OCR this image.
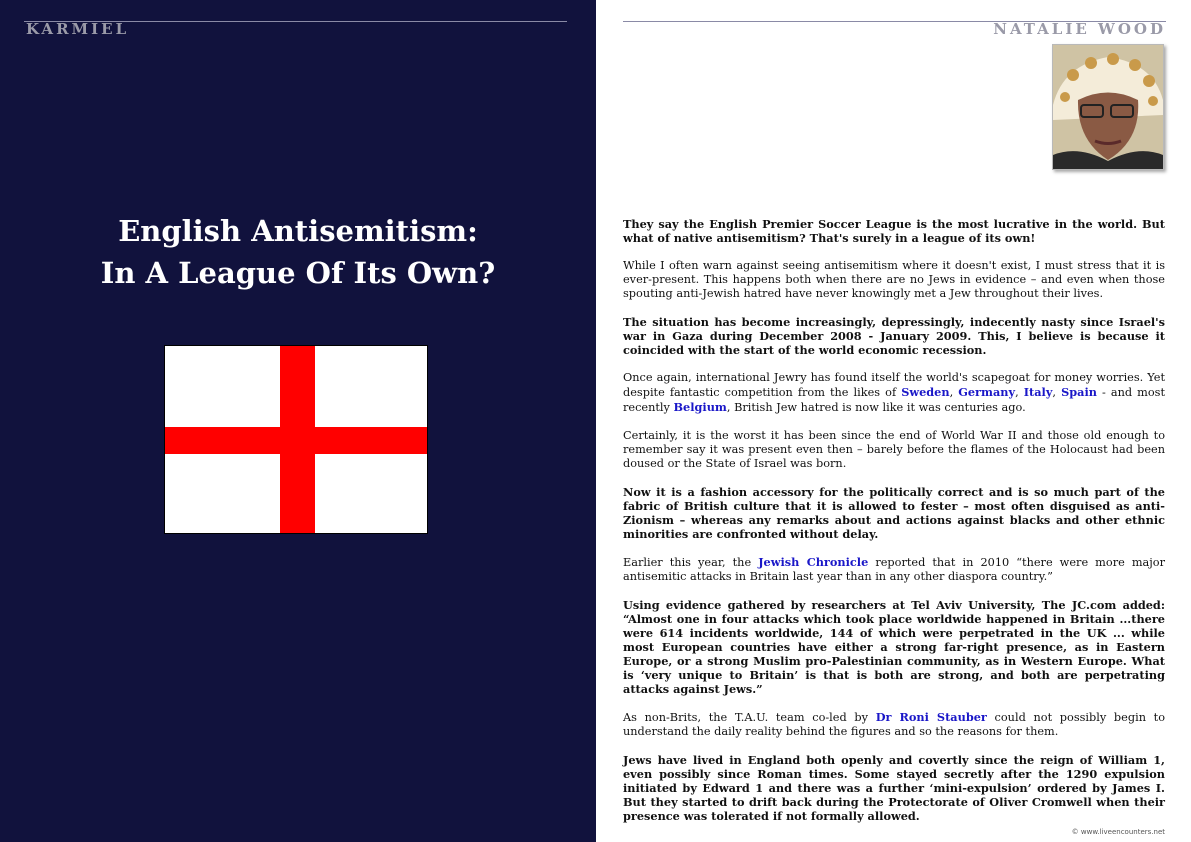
KARMIEL
English Antisemitism:
In A League Of Its Own?
NATALIE WOOD

They say the English Premier Soccer League is the most lucrative in the world. But what of native antisemitism? That's surely in a league of its own!

While I often warn against seeing antisemitism where it doesn't exist, I must stress that it is ever-present. This happens both when there are no Jews in evidence – and even when those spouting anti-Jewish hatred have never knowingly met a Jew throughout their lives.

The situation has become increasingly, depressingly, indecently nasty since Israel's war in Gaza during December 2008 - January 2009. This, I believe is because it coincided with the start of the world economic recession.

Once again, international Jewry has found itself the world's scapegoat for money worries. Yet despite fantastic competition from the likes of Sweden, Germany, Italy, Spain - and most recently Belgium, British Jew hatred is now like it was centuries ago.

Certainly, it is the worst it has been since the end of World War II and those old enough to remember say it was present even then – barely before the flames of the Holocaust had been doused or the State of Israel was born.

Now it is a fashion accessory for the politically correct and is so much part of the fabric of British culture that it is allowed to fester – most often disguised as anti-Zionism – whereas any remarks about and actions against blacks and other ethnic minorities are confronted without delay.

Earlier this year, the Jewish Chronicle reported that in 2010 “there were more major antisemitic attacks in Britain last year than in any other diaspora country.”

Using evidence gathered by researchers at Tel Aviv University, The JC.com added: “Almost one in four attacks which took place worldwide happened in Britain ...there were 614 incidents worldwide, 144 of which were perpetrated in the UK ... while most European countries have either a strong far-right presence, as in Eastern Europe, or a strong Muslim pro-Palestinian community, as in Western Europe. What is ‘very unique to Britain’ is that is both are strong, and both are perpetrating attacks against Jews.”

As non-Brits, the T.A.U. team co-led by Dr Roni Stauber could not possibly begin to understand the daily reality behind the figures and so the reasons for them.

Jews have lived in England both openly and covertly since the reign of William 1, even possibly since Roman times. Some stayed secretly after the 1290 expulsion initiated by Edward 1 and there was a further ‘mini-expulsion’ ordered by James I. But they started to drift back during the Protectorate of Oliver Cromwell when their presence was tolerated if not formally allowed.

© www.liveencounters.net
